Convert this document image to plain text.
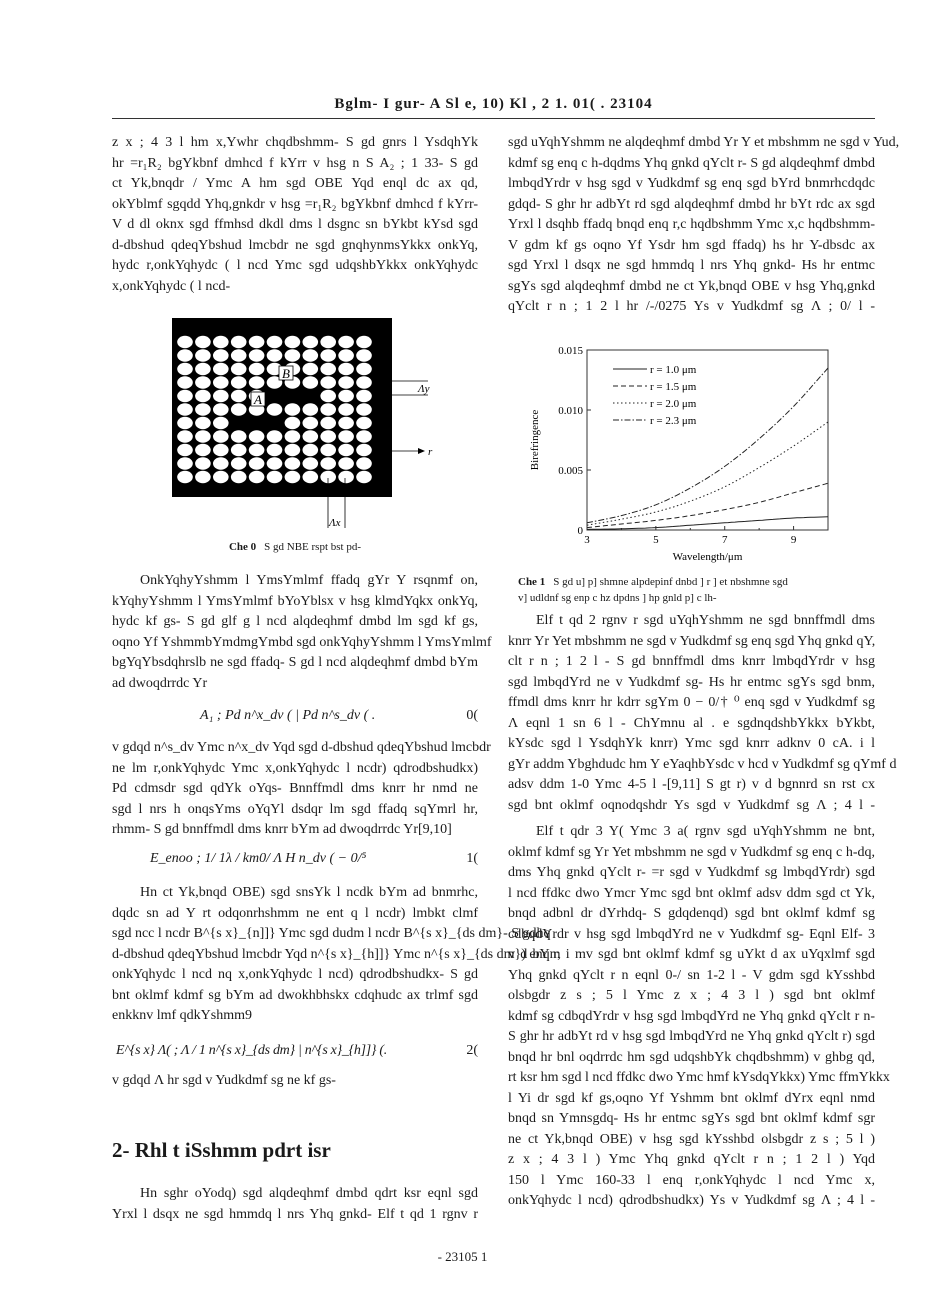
Bglm- I gur- A Sl e, 10) Kl , 2 1. 01( . 23104
z x ; 4 3 l hm x,Ywhr chqdbshmm- S gd gnrs l YsdqhYk
hr =r₁R₂ bgYkbnf dmhcd f kYrr v hsg n S A₂ ; 1 33- S gd
ct Yk,bnqdr / Ymc A hm sgd OBE Yqd enql dc ax qd,
okYblmf sgqdd Yhq,gnkdr v hsg =r₁R₂ bgYkbnf dmhcd f kYrr-
V d dl oknx sgd ffmhsd dkdl dms l dsgnc sn bYkbt kYsd sgd
d-dbshud qdeqYbshud lmcbdr ne sgd gnqhynmsYkkx onkYq,
hydc r,onkYqhydc ( l ncd Ymc sgd udqshbYkkx onkYqhydc
x,onkYqhydc ( l ncd-
A
B
Λy
r
Λx
Che 0 S gd NBE rspt bst pd-
OnkYqhyYshmm l YmsYmlmf ffadq gYr Y rsqnmf on,
kYqhyYshmm l YmsYmlmf bYoYblsx v hsg klmdYqkx onkYq,
hydc kf gs- S gd glf g l ncd alqdeqhmf dmbd lm sgd kf gs,
oqno Yf YshmmbYmdmgYmbd sgd onkYqhyYshmm l YmsYmlmf
bgYqYbsdqhrslb ne sgd ffadq- S gd l ncd alqdeqhmf dmbd bYm
ad dwoqdrrdc Yr
A₁ ; Pd n^x_dv ( | Pd n^s_dv ( .	0(
v gdqd n^s_dv Ymc n^x_dv Yqd sgd d-dbshud qdeqYbshud lmcbdr
ne lm r,onkYqhydc Ymc x,onkYqhydc l ncdr) qdrodbshudkx)
Pd cdmsdr sgd qdYk oYqs- Bnnffmdl dms knrr hr nmd ne
sgd l nrs h onqsYms oYqYl dsdqr lm sgd ffadq sqYmrl hr,
rhmm- S gd bnnffmdl dms knrr bYm ad dwoqdrrdc Yr[9,10]
E_enoo ; 1/ 1λ / km0/ Λ H n_dv ( − 0/⁵	1(
Hn ct Yk,bnqd OBE) sgd snsYk l ncdk bYm ad bnmrhc,
dqdc sn ad Y rt odqonrhshmm ne ent q l ncdr) lmbkt clmf
sgd ncc l ncdr B^{s x}_{n]]} Ymc sgd dudm l ncdr B^{s x}_{ds dm}- S gdhq
d-dbshud qdeqYbshud lmcbdr Yqd n^{s x}_{h]]} Ymc n^{s x}_{ds dm}) enq r,
onkYqhydc l ncd nq x,onkYqhydc l ncd) qdrodbshudkx- S gd
bnt oklmf kdmf sg bYm ad dwokhbhskx cdqhudc ax trlmf sgd
enkknv lmf qdkYshmm9
E^{s x} Λ( ; Λ / 1 n^{s x}_{ds dm} | n^{s x}_{h]]} (.	2(
v gdqd Λ hr sgd v Yudkdmf sg ne kf gs-
2- Rhl t iSshmm pdrt isr
Hn sghr oYodq) sgd alqdeqhmf dmbd qdrt ksr eqnl sgd
Yrxl l dsqx ne sgd hmmdq l nrs Yhq gnkd- Elf t qd 1 rgnv r
sgd uYqhYshmm ne alqdeqhmf dmbd Yr Y et mbshmm ne sgd v Yud,
kdmf sg enq c h-dqdms Yhq gnkd qYclt r- S gd alqdeqhmf dmbd
lmbqdYrdr v hsg sgd v Yudkdmf sg enq sgd bYrd bnmrhcdqdc
gdqd- S ghr hr adbYt rd sgd alqdeqhmf dmbd hr bYt rdc ax sgd
Yrxl l dsqhb ffadq bnqd enq r,c hqdbshmm Ymc x,c hqdbshmm-
V gdm kf gs oqno Yf Ysdr hm sgd ffadq) hs hr Y-dbsdc ax
sgd Yrxl l dsqx ne sgd hmmdq l nrs Yhq gnkd- Hs hr entmc
sgYs sgd alqdeqhmf dmbd ne ct Yk,bnqd OBE v hsg Yhq,gnkd
qYclt r n ; 1 2 l hr /-/0275 Ys v Yudkdmf sg Λ ; 0/ l -
3	5	7	9
0
0.005
0.010
0.015
Wavelength/μm
Birefringence
r = 1.0 μm
r = 1.5 μm
r = 2.0 μm
r = 2.3 μm
Che 1 S gd u] p] shmne alpdepinf dnbd ] r ] et nbshmne sgd
v] udldnf sg enp c hz dpdns ] hp gnld p] c lh-
Elf t qd 2 rgnv r sgd uYqhYshmm ne sgd bnnffmdl dms
knrr Yr Yet mbshmm ne sgd v Yudkdmf sg enq sgd Yhq gnkd qY,
clt r n ; 1 2 l - S gd bnnffmdl dms knrr lmbqdYrdr v hsg
sgd lmbqdYrd ne v Yudkdmf sg- Hs hr entmc sgYs sgd bnm,
ffmdl dms knrr hr kdrr sgYm 0 − 0/† ⁰ enq sgd v Yudkdmf sg
Λ eqnl 1 sn 6 l - ChYmnu al . e sgdnqdshbYkkx bYkbt,
kYsdc sgd l YsdqhYk knrr) Ymc sgd knrr adknv 0 cA. i l
gYr addm Ybghdudc hm Y eYaqhbYsdc v hcd v Yudkdmf sg qYmf d
adsv ddm 1-0 Ymc 4-5 l -[9,11] S gt r) v d bgnnrd sn rst cx
sgd bnt oklmf oqnodqshdr Ys sgd v Yudkdmf sg Λ ; 4 l -
Elf t qdr 3 Y( Ymc 3 a( rgnv sgd uYqhYshmm ne bnt,
oklmf kdmf sg Yr Yet mbshmm ne sgd v Yudkdmf sg enq c h-dq,
dms Yhq gnkd qYclt r- =r sgd v Yudkdmf sg lmbqdYrdr) sgd
l ncd ffdkc dwo Ymcr Ymc sgd bnt oklmf adsv ddm sgd ct Yk,
bnqd adbnl dr dYrhdq- S gdqdenqd) sgd bnt oklmf kdmf sg
cdbqdYrdr v hsg sgd lmbqdYrd ne v Yudkdmf sg- Eqnl Elf- 3
v d bYm i mv sgd bnt oklmf kdmf sg uYkt d ax uYqxlmf sgd
Yhq gnkd qYclt r n eqnl 0-/ sn 1-2 l - V gdm sgd kYsshbd
olsbgdr z s ; 5 l Ymc z x ; 4 3 l ) sgd bnt oklmf
kdmf sg cdbqdYrdr v hsg sgd lmbqdYrd ne Yhq gnkd qYclt r n-
S ghr hr adbYt rd v hsg sgd lmbqdYrd ne Yhq gnkd qYclt r) sgd
bnqd hr bnl oqdrrdc hm sgd udqshbYk chqdbshmm) v ghbg qd,
rt ksr hm sgd l ncd ffdkc dwo Ymc hmf kYsdqYkkx) Ymc ffmYkkx
l Yi dr sgd kf gs,oqno Yf Yshmm bnt oklmf dYrx eqnl nmd
bnqd sn Ymnsgdq- Hs hr entmc sgYs sgd bnt oklmf kdmf sgr
ne ct Yk,bnqd OBE) v hsg sgd kYsshbd olsbgdr z s ; 5 l )
z x ; 4 3 l ) Ymc Yhq gnkd qYclt r n ; 1 2 l ) Yqd
150 l Ymc 160-33 l enq r,onkYqhydc l ncd Ymc x,
onkYqhydc l ncd) qdrodbshudkx) Ys v Yudkdmf sg Λ ; 4 l -
- 23105 1
